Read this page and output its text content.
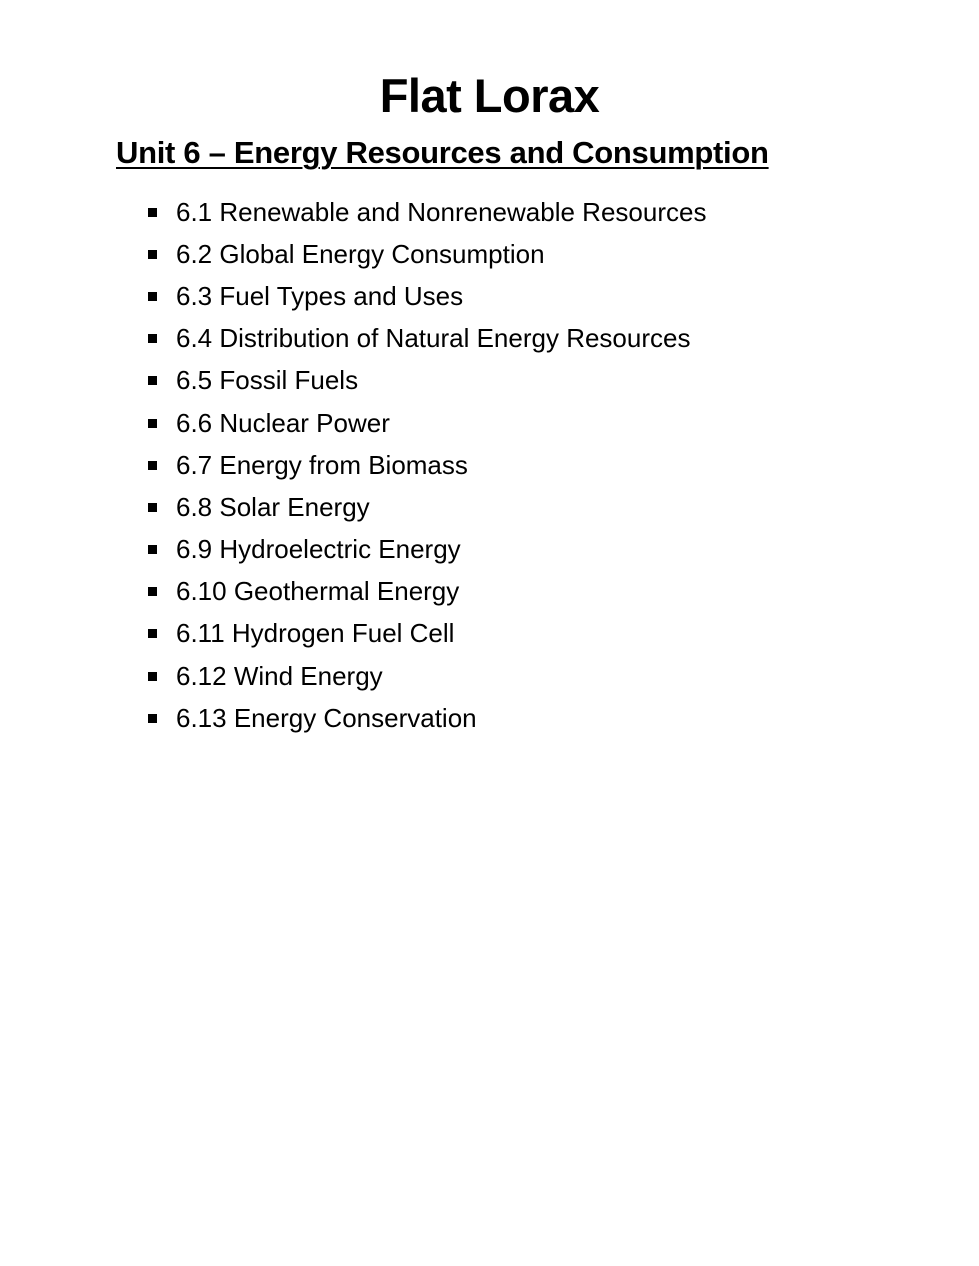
Flat Lorax
Unit 6 – Energy Resources and Consumption
6.1 Renewable and Nonrenewable Resources
6.2 Global Energy Consumption
6.3 Fuel Types and Uses
6.4 Distribution of Natural Energy Resources
6.5 Fossil Fuels
6.6 Nuclear Power
6.7 Energy from Biomass
6.8 Solar Energy
6.9 Hydroelectric Energy
6.10 Geothermal Energy
6.11 Hydrogen Fuel Cell
6.12 Wind Energy
6.13 Energy Conservation
